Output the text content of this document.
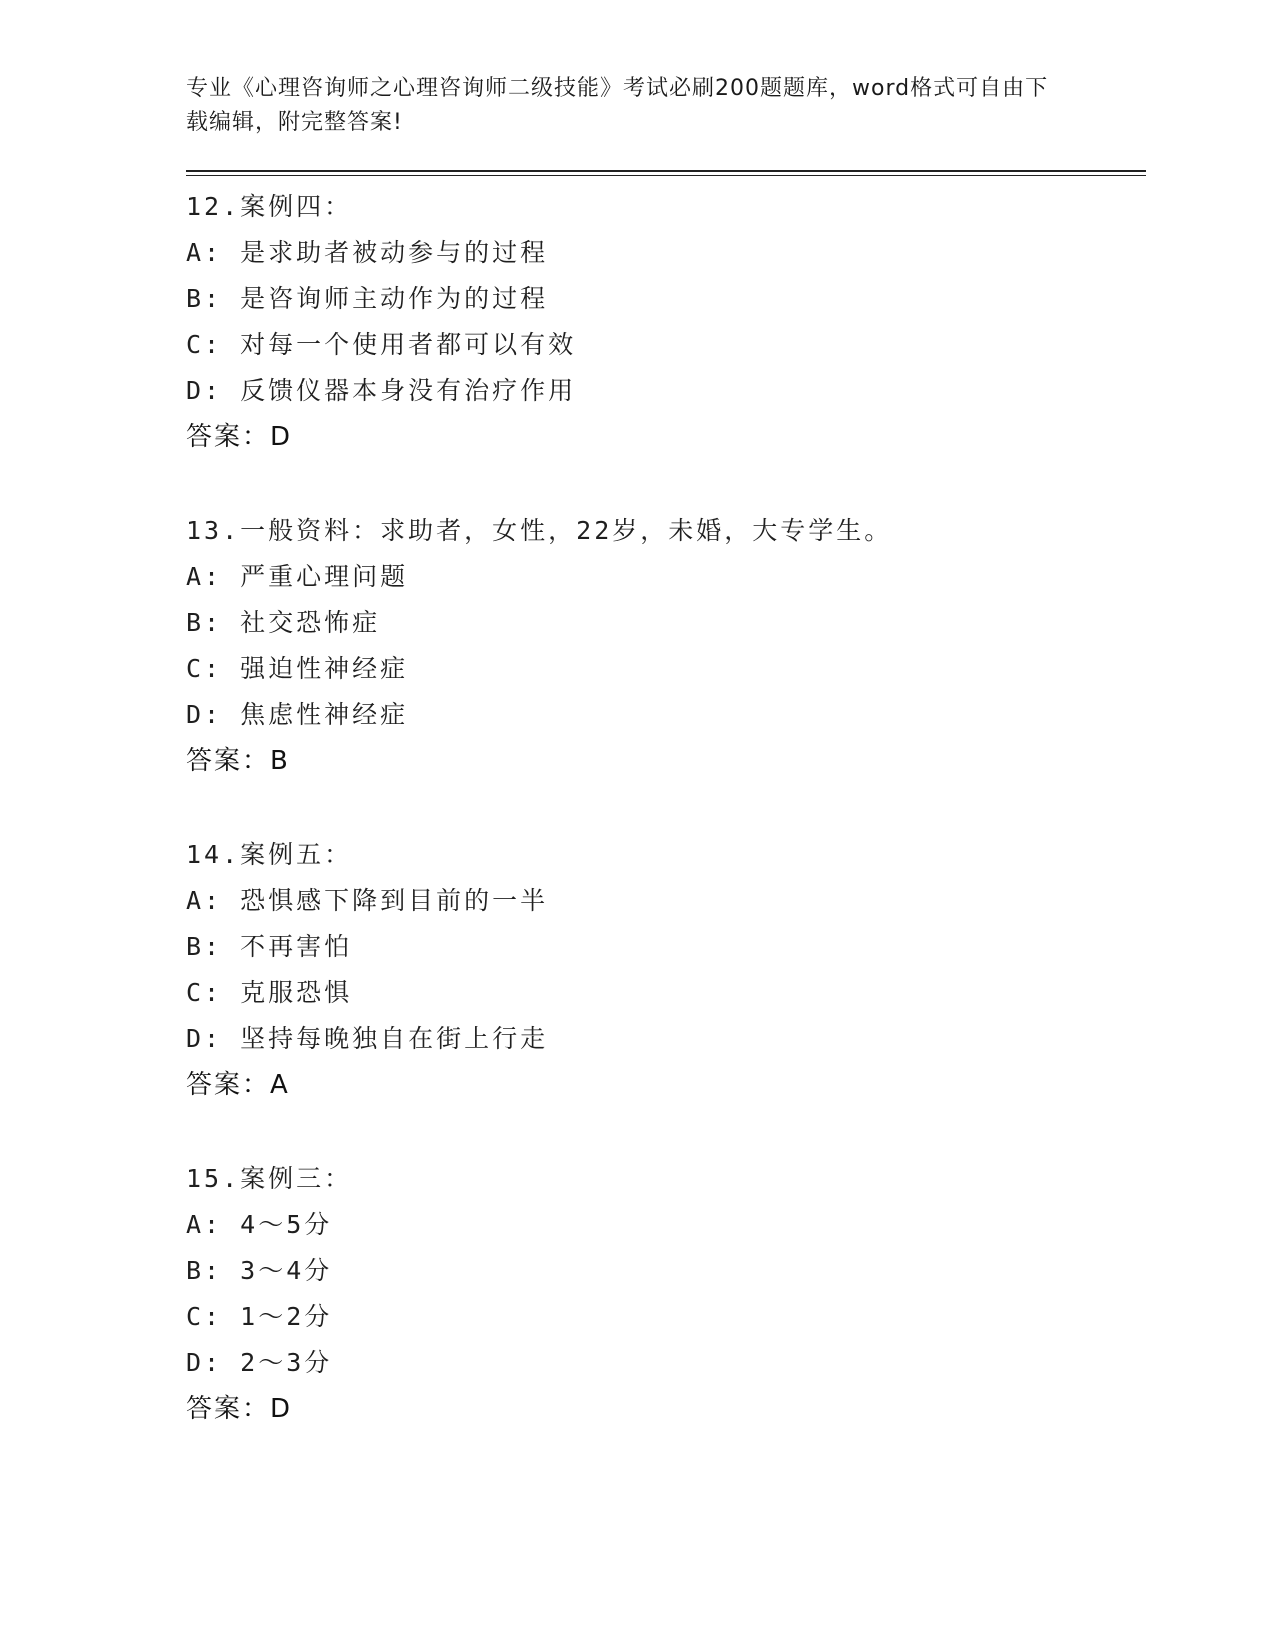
专业《心理咨询师之心理咨询师二级技能》考试必刷200题题库，word格式可自由下载编辑，附完整答案!
12.案例四：
A: 是求助者被动参与的过程
B: 是咨询师主动作为的过程
C: 对每一个使用者都可以有效
D: 反馈仪器本身没有治疗作用
答案：D
13.一般资料：求助者，女性，22岁，未婚，大专学生。
A: 严重心理问题
B: 社交恐怖症
C: 强迫性神经症
D: 焦虑性神经症
答案：B
14.案例五：
A: 恐惧感下降到目前的一半
B: 不再害怕
C: 克服恐惧
D: 坚持每晚独自在街上行走
答案：A
15.案例三：
A: 4～5分
B: 3～4分
C: 1～2分
D: 2～3分
答案：D
